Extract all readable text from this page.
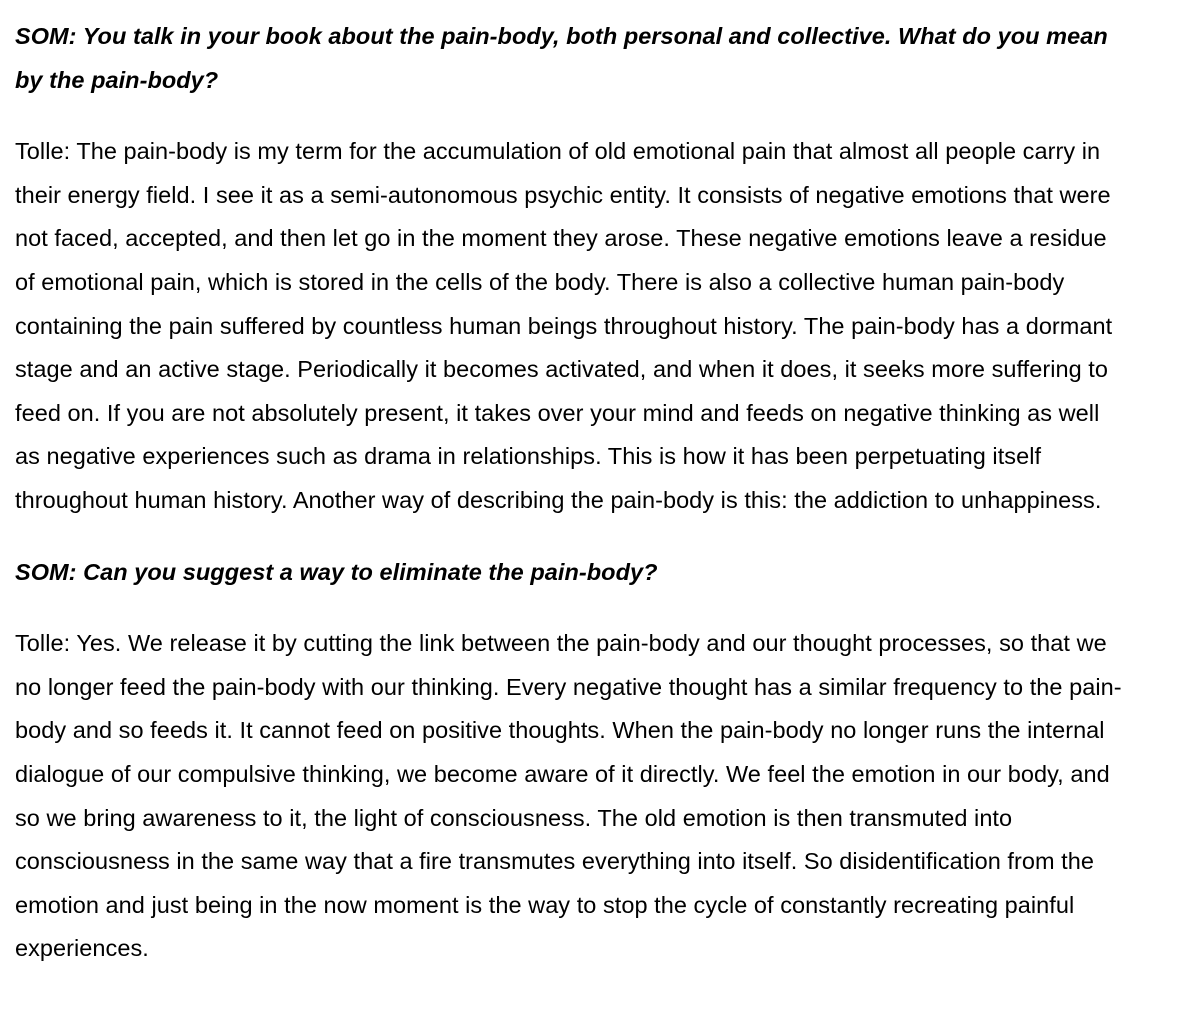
SOM: You talk in your book about the pain-body, both personal and collective. What do you mean by the pain-body?

Tolle: The pain-body is my term for the accumulation of old emotional pain that almost all people carry in their energy field. I see it as a semi-autonomous psychic entity. It consists of negative emotions that were not faced, accepted, and then let go in the moment they arose. These negative emotions leave a residue of emotional pain, which is stored in the cells of the body. There is also a collective human pain-body containing the pain suffered by countless human beings throughout history. The pain-body has a dormant stage and an active stage. Periodically it becomes activated, and when it does, it seeks more suffering to feed on. If you are not absolutely present, it takes over your mind and feeds on negative thinking as well as negative experiences such as drama in relationships. This is how it has been perpetuating itself throughout human history. Another way of describing the pain-body is this: the addiction to unhappiness.

SOM: Can you suggest a way to eliminate the pain-body?

Tolle: Yes. We release it by cutting the link between the pain-body and our thought processes, so that we no longer feed the pain-body with our thinking. Every negative thought has a similar frequency to the pain-body and so feeds it. It cannot feed on positive thoughts. When the pain-body no longer runs the internal dialogue of our compulsive thinking, we become aware of it directly. We feel the emotion in our body, and so we bring awareness to it, the light of consciousness. The old emotion is then transmuted into consciousness in the same way that a fire transmutes everything into itself. So disidentification from the emotion and just being in the now moment is the way to stop the cycle of constantly recreating painful experiences.
